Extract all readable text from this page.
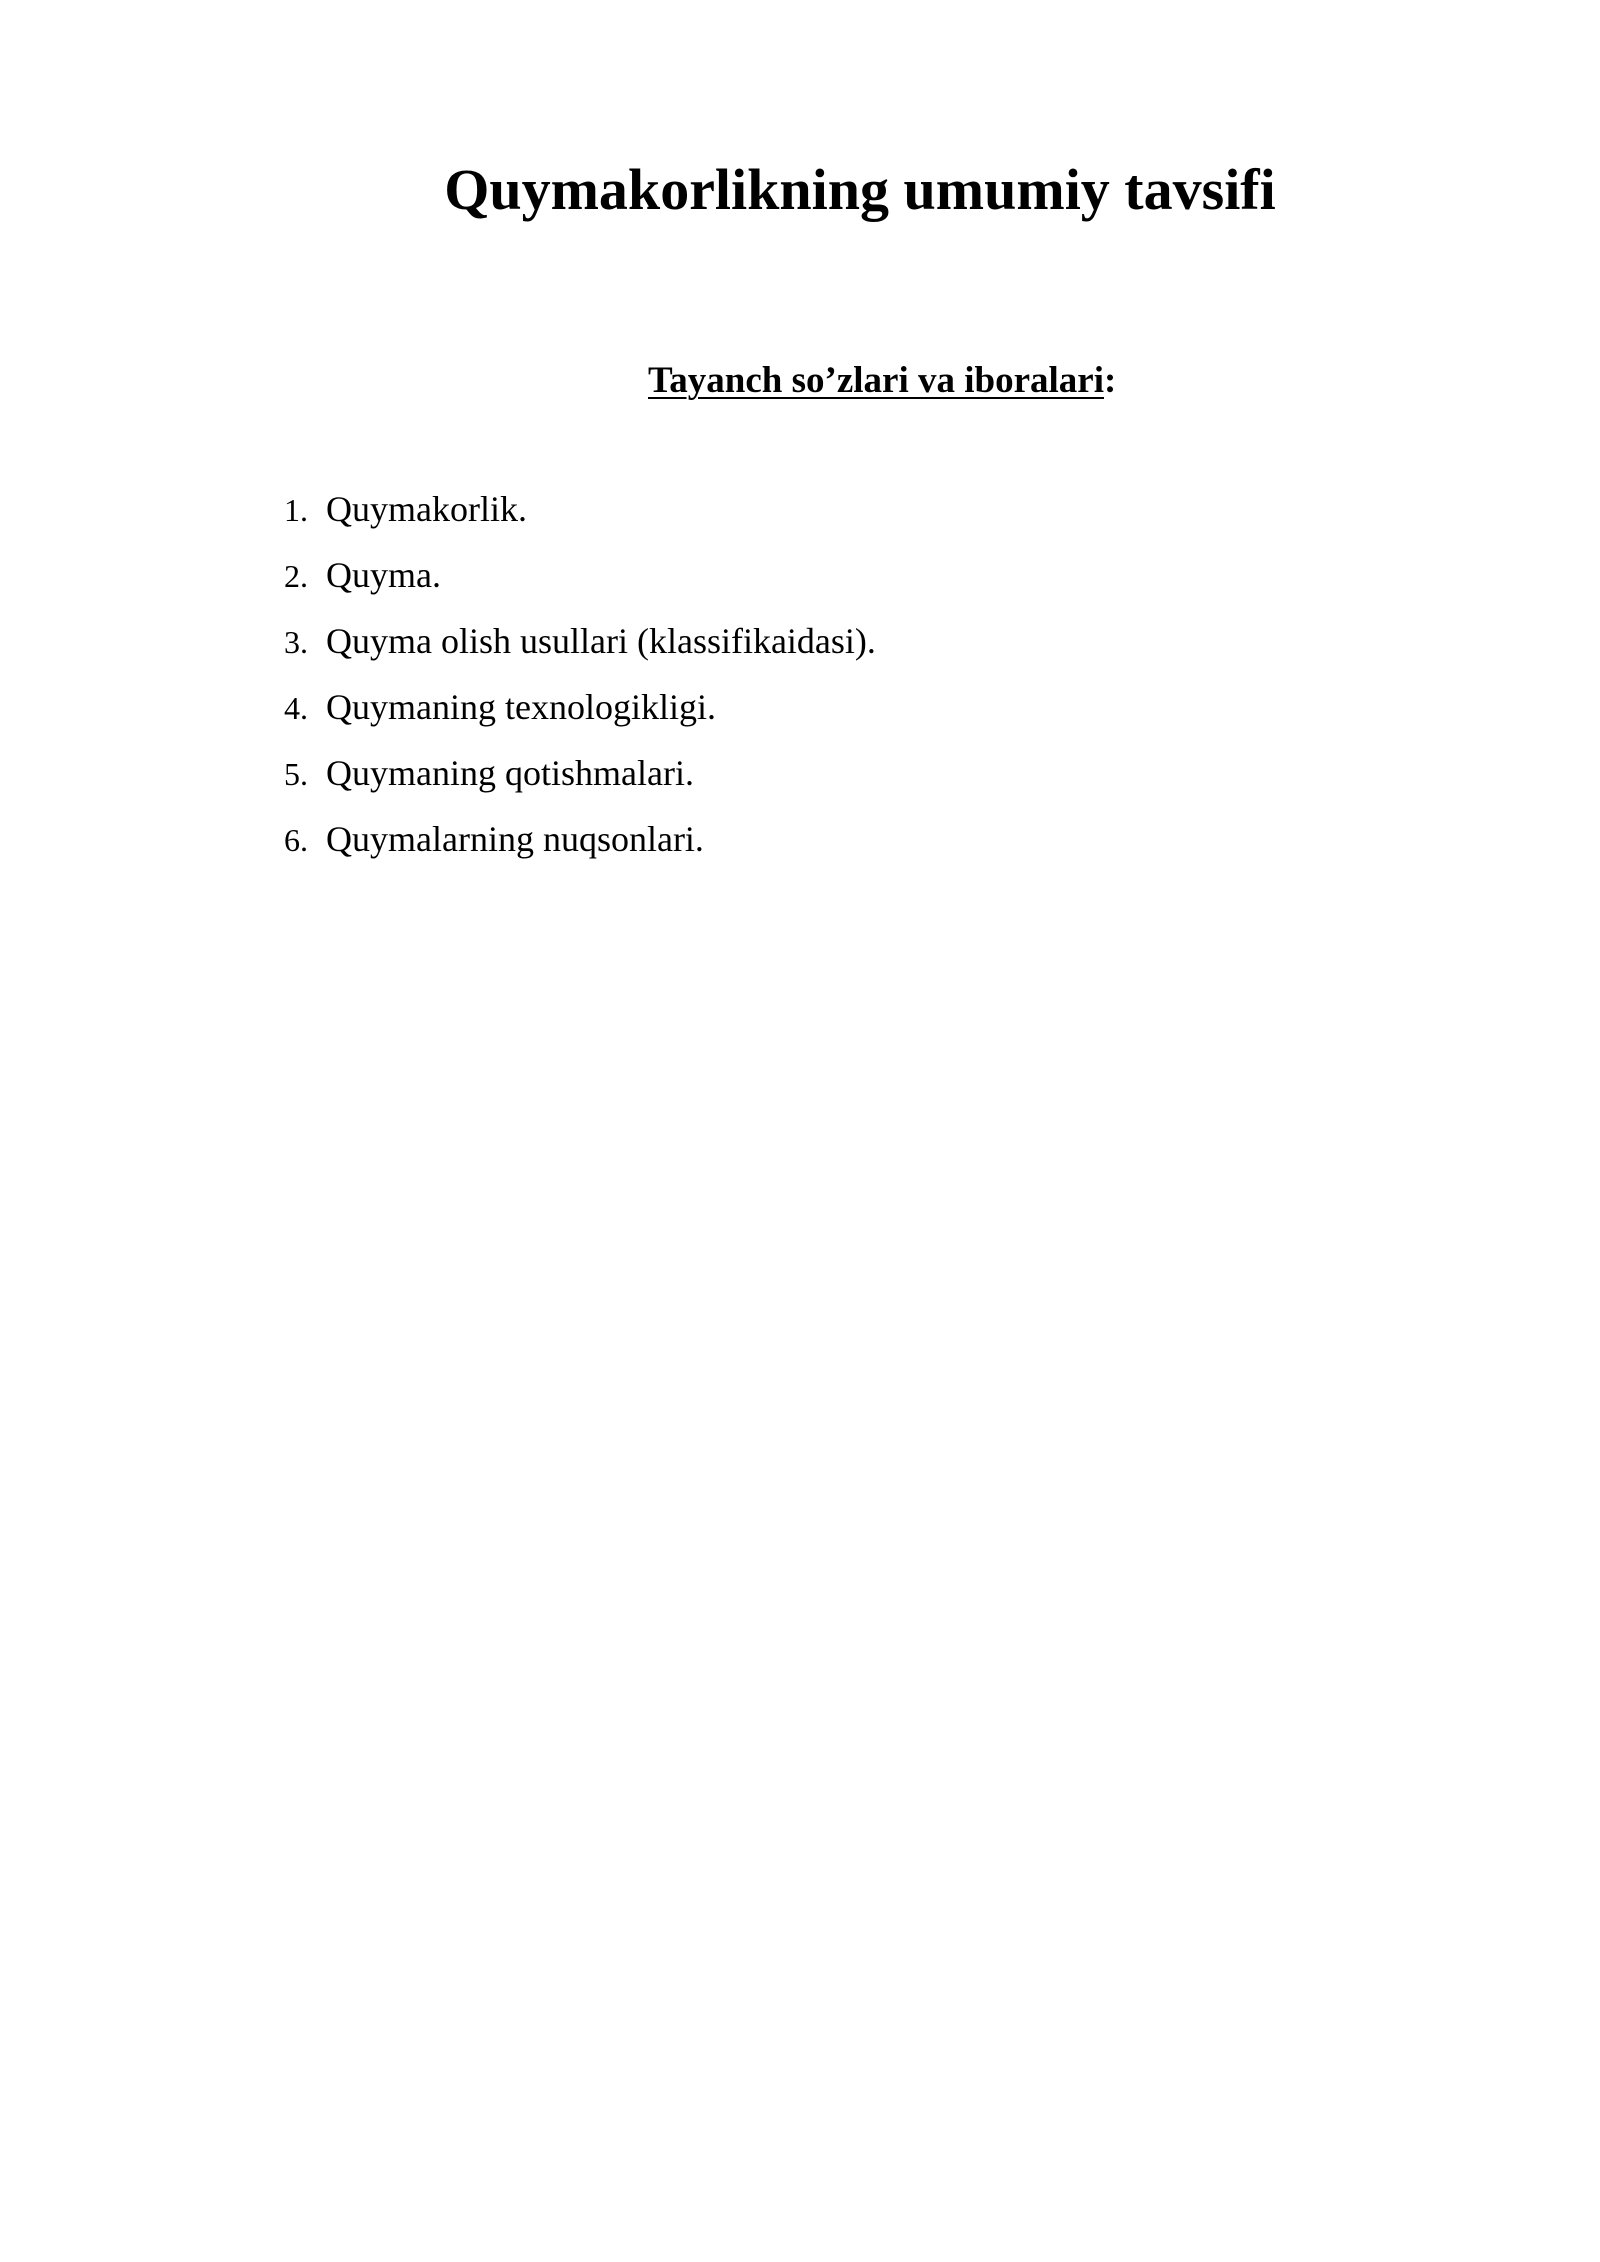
Quymakorlikning umumiy tavsifi
Tayanch so’zlari va iboralari:
1. Quymakorlik.
2. Quyma.
3. Quyma olish usullari (klassifikaidasi).
4. Quymaning texnologikligi.
5. Quymaning qotishmalari.
6. Quymalarning nuqsonlari.
